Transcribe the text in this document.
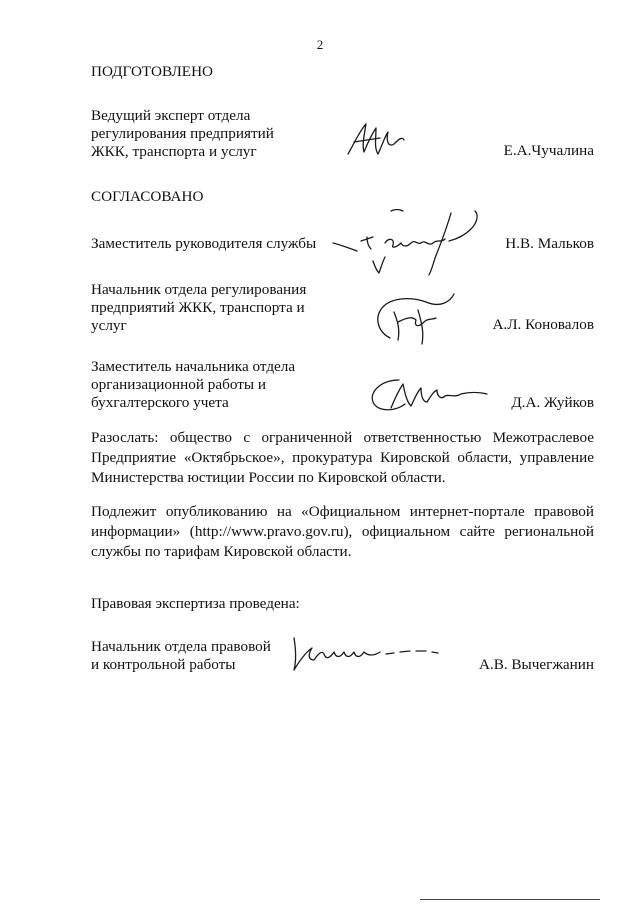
2
ПОДГОТОВЛЕНО
Ведущий эксперт отдела
регулирования предприятий
ЖКК, транспорта и услуг	Е.А.Чучалина
СОГЛАСОВАНО
Заместитель руководителя службы	Н.В. Мальков
Начальник отдела регулирования
предприятий ЖКК, транспорта и
услуг	А.Л. Коновалов
Заместитель начальника отдела
организационной работы и
бухгалтерского учета	Д.А. Жуйков
Разослать: общество с ограниченной ответственностью Межотраслевое Предприятие «Октябрьское», прокуратура Кировской области, управление Министерства юстиции России по Кировской области.
Подлежит опубликованию на «Официальном интернет-портале правовой информации» (http://www.pravo.gov.ru), официальном сайте региональной службы по тарифам Кировской области.
Правовая экспертиза проведена:
Начальник отдела правовой
и контрольной работы	А.В. Вычегжанин
